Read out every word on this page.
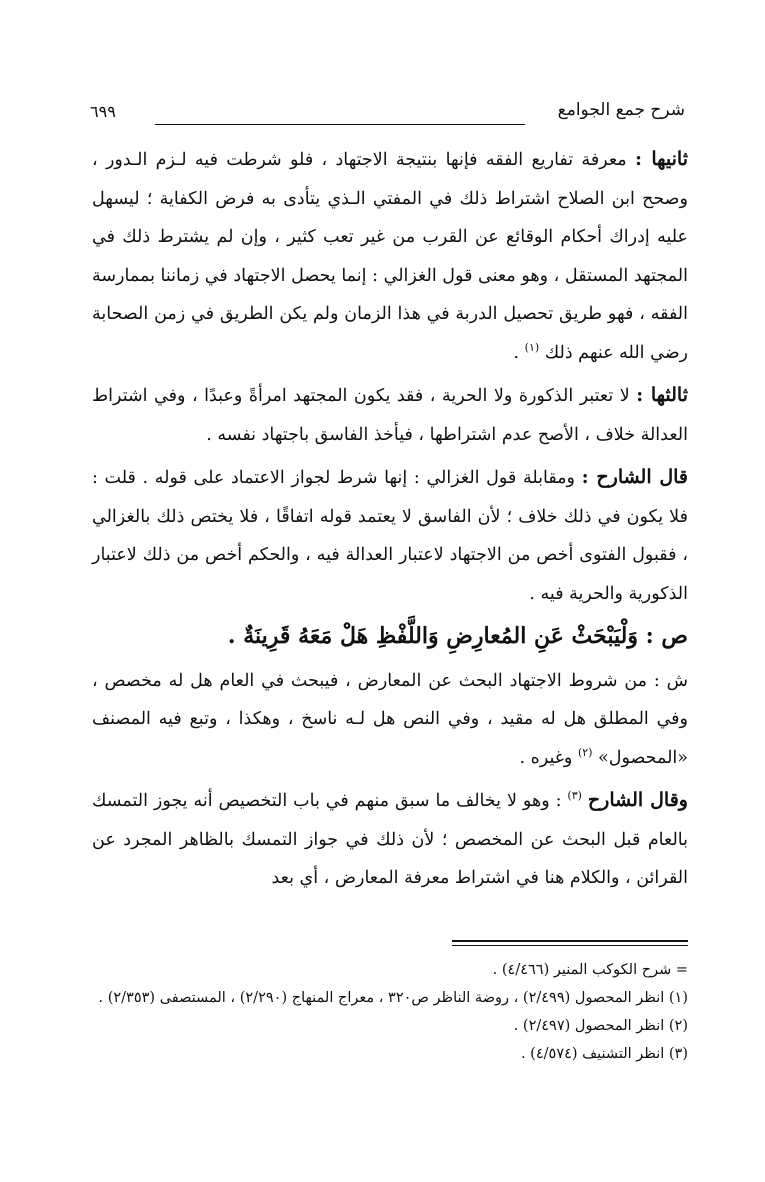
شرح جمع الجوامع
٦٩٩

ثانيها : معرفة تفاريع الفقه فإنها بنتيجة الاجتهاد ، فلو شرطت فيه لـزم الـدور ، وصحح ابن الصلاح اشتراط ذلك في المفتي الـذي يتأدى به فرض الكفاية ؛ ليسهل عليه إدراك أحكام الوقائع عن القرب من غير تعب كثير ، وإن لم يشترط ذلك في المجتهد المستقل ، وهو معنى قول الغزالي : إنما يحصل الاجتهاد في زماننا بممارسة الفقه ، فهو طريق تحصيل الدربة في هذا الزمان ولم يكن الطريق في زمن الصحابة رضي الله عنهم ذلك $^{(١)}$ .

ثالثها : لا تعتبر الذكورة ولا الحرية ، فقد يكون المجتهد امرأةً وعبدًا ، وفي اشتراط العدالة خلاف ، الأصح عدم اشتراطها ، فيأخذ الفاسق باجتهاد نفسه .

قال الشارح : ومقابلة قول الغزالي : إنها شرط لجواز الاعتماد على قوله . قلت : فلا يكون في ذلك خلاف ؛ لأن الفاسق لا يعتمد قوله اتفاقًا ، فلا يختص ذلك بالغزالي ، فقبول الفتوى أخص من الاجتهاد لاعتبار العدالة فيه ، والحكم أخص من ذلك لاعتبار الذكورية والحرية فيه .

ص : وَلْيَبْحَثْ عَنِ المُعارِضِ وَاللَّفْظِ هَلْ مَعَهُ قَرِينَةٌ .

ش : من شروط الاجتهاد البحث عن المعارض ، فيبحث في العام هل له مخصص ، وفي المطلق هل له مقيد ، وفي النص هل لـه ناسخ ، وهكذا ، وتبع فيه المصنف «المحصول» $^{(٢)}$ وغيره .

وقال الشارح $^{(٣)}$ : وهو لا يخالف ما سبق منهم في باب التخصيص أنه يجوز التمسك بالعام قبل البحث عن المخصص ؛ لأن ذلك في جواز التمسك بالظاهر المجرد عن القرائن ، والكلام هنا في اشتراط معرفة المعارض ، أي بعد

= شرح الكوكب المنير (٤/٤٦٦) .
(١) انظر المحصول (٢/٤٩٩) ، روضة الناظر ص٣٢٠ ، معراج المنهاج (٢/٢٩٠) ، المستصفى (٢/٣٥٣) .
(٢) انظر المحصول (٢/٤٩٧) .
(٣) انظر التشنيف (٤/٥٧٤) .
